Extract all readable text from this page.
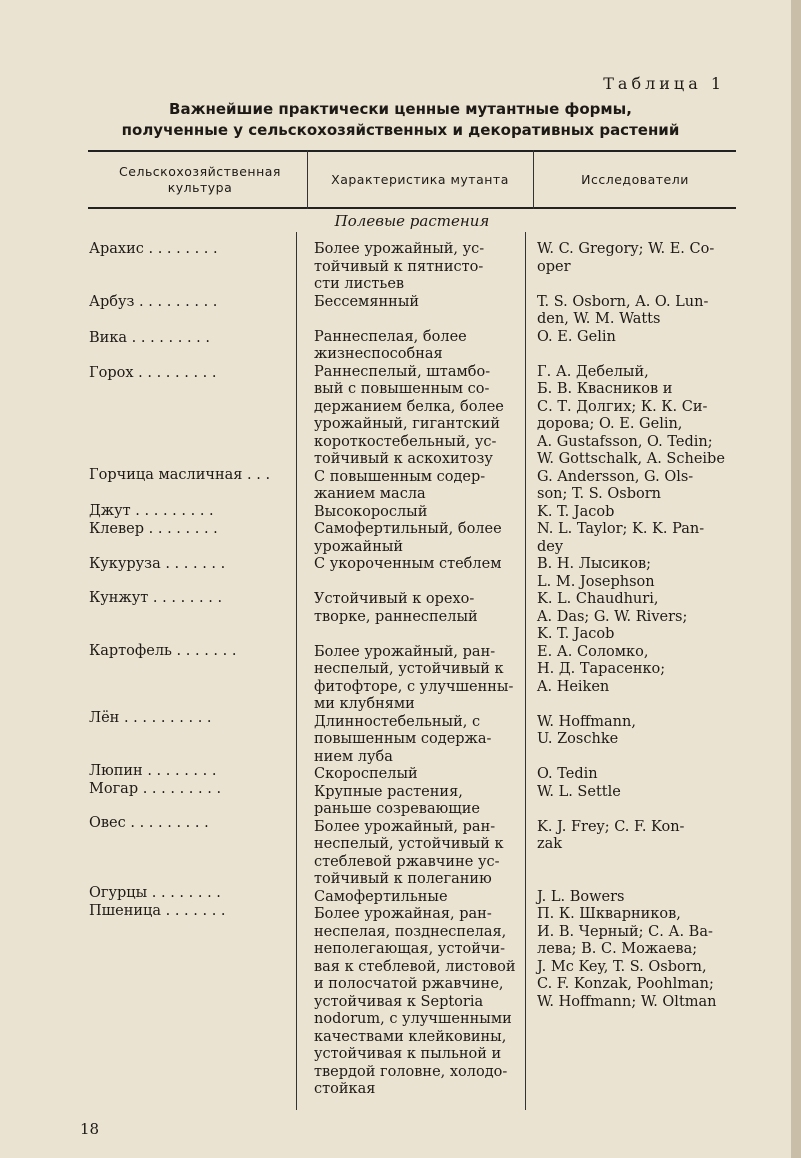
Таблица 1
Важнейшие практически ценные мутантные формы,
полученные у сельскохозяйственных и декоративных растений
Сельскохозяйственная
культура
Характеристика мутанта	Исследователи
Полевые растения
Арахис . . . . . . . .
Арбуз . . . . . . . . .
Вика . . . . . . . . .
Горох . . . . . . . . .
Горчица масличная . . .
Джут . . . . . . . . .
Клевер . . . . . . . .
Кукуруза . . . . . . .
Кунжут . . . . . . . .
Картофель . . . . . . .
Лён . . . . . . . . . .
Люпин . . . . . . . .
Могар . . . . . . . . .
Овес . . . . . . . . .
Огурцы . . . . . . . .
Пшеница . . . . . . .
Более урожайный, ус-
тойчивый к пятнисто-
сти листьев
Бессемянный
Раннеспелая, более
жизнеспособная
Раннеспелый, штамбо-
вый с повышенным со-
держанием белка, более
урожайный, гигантский
короткостебельный, ус-
тойчивый к аскохитозу
С повышенным содер-
жанием масла
Высокорослый
Самофертильный, более
урожайный
С укороченным стеблем
Устойчивый к орехо-
творке, раннеспелый
Более урожайный, ран-
неспелый, устойчивый к
фитофторе, с улучшенны-
ми клубнями
Длинностебельный, с
повышенным содержа-
нием луба
Скороспелый
Крупные растения,
раньше созревающие
Более урожайный, ран-
неспелый, устойчивый к
стеблевой ржавчине ус-
тойчивый к полеганию
Самофертильные
Более урожайная, ран-
неспелая, позднеспелая,
неполегающая, устойчи-
вая к стеблевой, листовой
и полосчатой ржавчине,
устойчивая к Septoria
nodorum, с улучшенными
качествами клейковины,
устойчивая к пыльной и
твердой головне, холодо-
стойкая
W. C. Gregory; W. E. Co-
oper
T. S. Osborn, A. O. Lun-
den, W. M. Watts
O. E. Gelin
Г. А. Дебелый,
Б. В. Квасников и
С. Т. Долгих; К. К. Си-
дорова; O. E. Gelin,
A. Gustafsson, O. Tedin;
W. Gottschalk, A. Scheibe
G. Andersson, G. Ols-
son; T. S. Osborn
K. T. Jacob
N. L. Taylor; K. K. Pan-
dey
B. H. Лысиков;
L. M. Josephson
K. L. Chaudhuri,
A. Das; G. W. Rivers;
K. T. Jacob
Е. А. Соломко,
Н. Д. Тарасенко;
A. Heiken
W. Hoffmann,
U. Zoschke
O. Tedin
W. L. Settle
K. J. Frey; C. F. Kon-
zak
J. L. Bowers
П. К. Шкварников,
И. В. Черный; С. А. Ва-
лева; В. С. Можаева;
J. Mc Key, T. S. Osborn,
C. F. Konzak, Poohlman;
W. Hoffmann; W. Oltman
18
